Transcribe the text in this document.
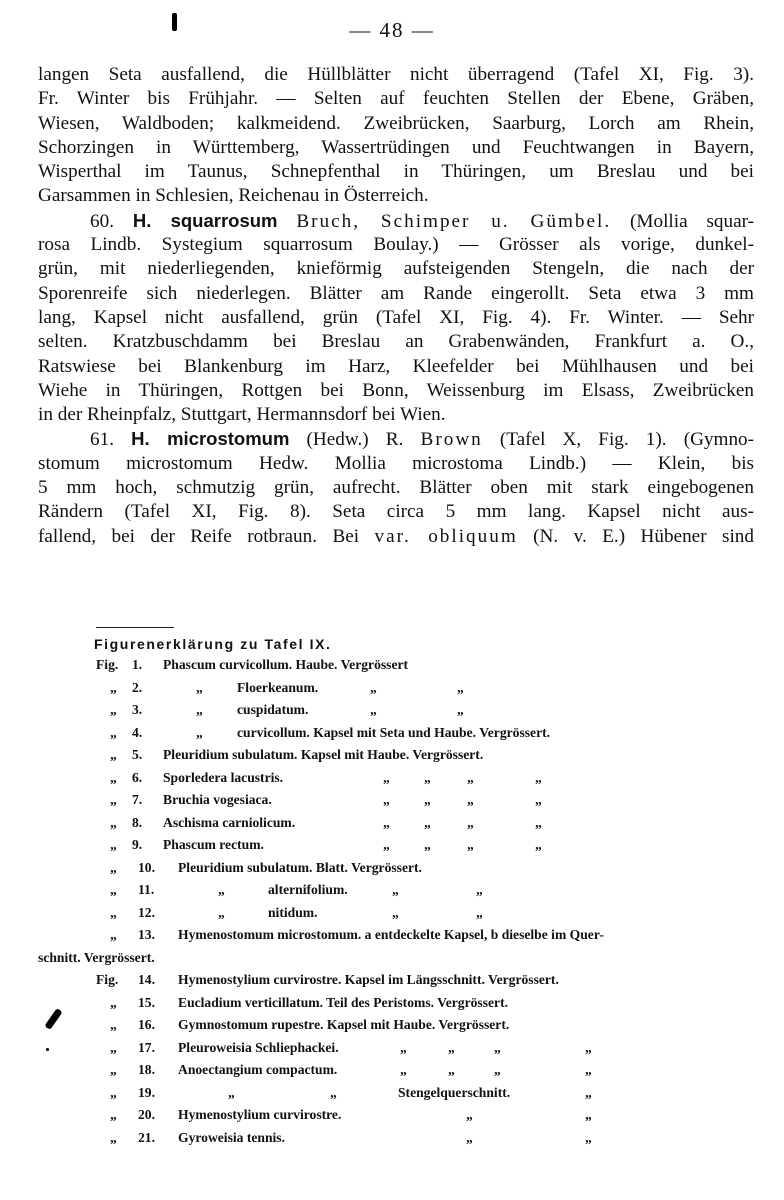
— 48 —
langen Seta ausfallend, die Hüllblätter nicht überragend (Tafel XI, Fig. 3).
Fr. Winter bis Frühjahr. — Selten auf feuchten Stellen der Ebene, Gräben,
Wiesen, Waldboden; kalkmeidend. Zweibrücken, Saarburg, Lorch am Rhein,
Schorzingen in Württemberg, Wassertrüdingen und Feuchtwangen in Bayern,
Wisperthal im Taunus, Schnepfenthal in Thüringen, um Breslau und bei
Garsammen in Schlesien, Reichenau in Österreich.
60. H. squarrosum Bruch, Schimper u. Gümbel. (Mollia squar-
rosa Lindb. Systegium squarrosum Boulay.) — Grösser als vorige, dunkel-
grün, mit niederliegenden, knieförmig aufsteigenden Stengeln, die nach der
Sporenreife sich niederlegen. Blätter am Rande eingerollt. Seta etwa 3 mm
lang, Kapsel nicht ausfallend, grün (Tafel XI, Fig. 4). Fr. Winter. — Sehr
selten. Kratzbuschdamm bei Breslau an Grabenwänden, Frankfurt a. O.,
Ratswiese bei Blankenburg im Harz, Kleefelder bei Mühlhausen und bei
Wiehe in Thüringen, Rottgen bei Bonn, Weissenburg im Elsass, Zweibrücken
in der Rheinpfalz, Stuttgart, Hermannsdorf bei Wien.
61. H. microstomum (Hedw.) R. Brown (Tafel X, Fig. 1). (Gymno-
stomum microstomum Hedw. Mollia microstoma Lindb.) — Klein, bis
5 mm hoch, schmutzig grün, aufrecht. Blätter oben mit stark eingebogenen
Rändern (Tafel XI, Fig. 8). Seta circa 5 mm lang. Kapsel nicht aus-
fallend, bei der Reife rotbraun. Bei var. obliquum (N. v. E.) Hübener sind
Figurenerklärung zu Tafel IX.
Fig. 1. Phascum curvicollum. Haube. Vergrössert
„ 2.	„	Floerkeanum.	„	„
„ 3.	„	cuspidatum.	„	„
„ 4.	„	curvicollum. Kapsel mit Seta und Haube. Vergrössert.
„ 5. Pleuridium subulatum. Kapsel mit Haube. Vergrössert.
„ 6. Sporledera lacustris.	„	„	„	„
„ 7. Bruchia vogesiaca.	„	„	„	„
„ 8. Aschisma carniolicum.	„	„	„	„
„ 9. Phascum rectum.	„	„	„	„
„ 10. Pleuridium subulatum. Blatt. Vergrössert.
„ 11.	„	alternifolium.	„	„
„ 12.	„	nitidum.	„	„
„ 13. Hymenostomum microstomum. a entdeckelte Kapsel, b dieselbe im Quer-
schnitt. Vergrössert.
Fig. 14. Hymenostylium curvirostre. Kapsel im Längsschnitt. Vergrössert.
„ 15. Eucladium verticillatum. Teil des Peristoms. Vergrössert.
„ 16. Gymnostomum rupestre. Kapsel mit Haube. Vergrössert.
„ 17. Pleuroweisia Schliephackei.	„	„	„	„
„ 18. Anoectangium compactum.	„	„	„	„
„ 19.	„	„	Stengelquerschnitt.	„
„ 20. Hymenostylium curvirostre.	„	„
„ 21. Gyroweisia tennis.	„	„
